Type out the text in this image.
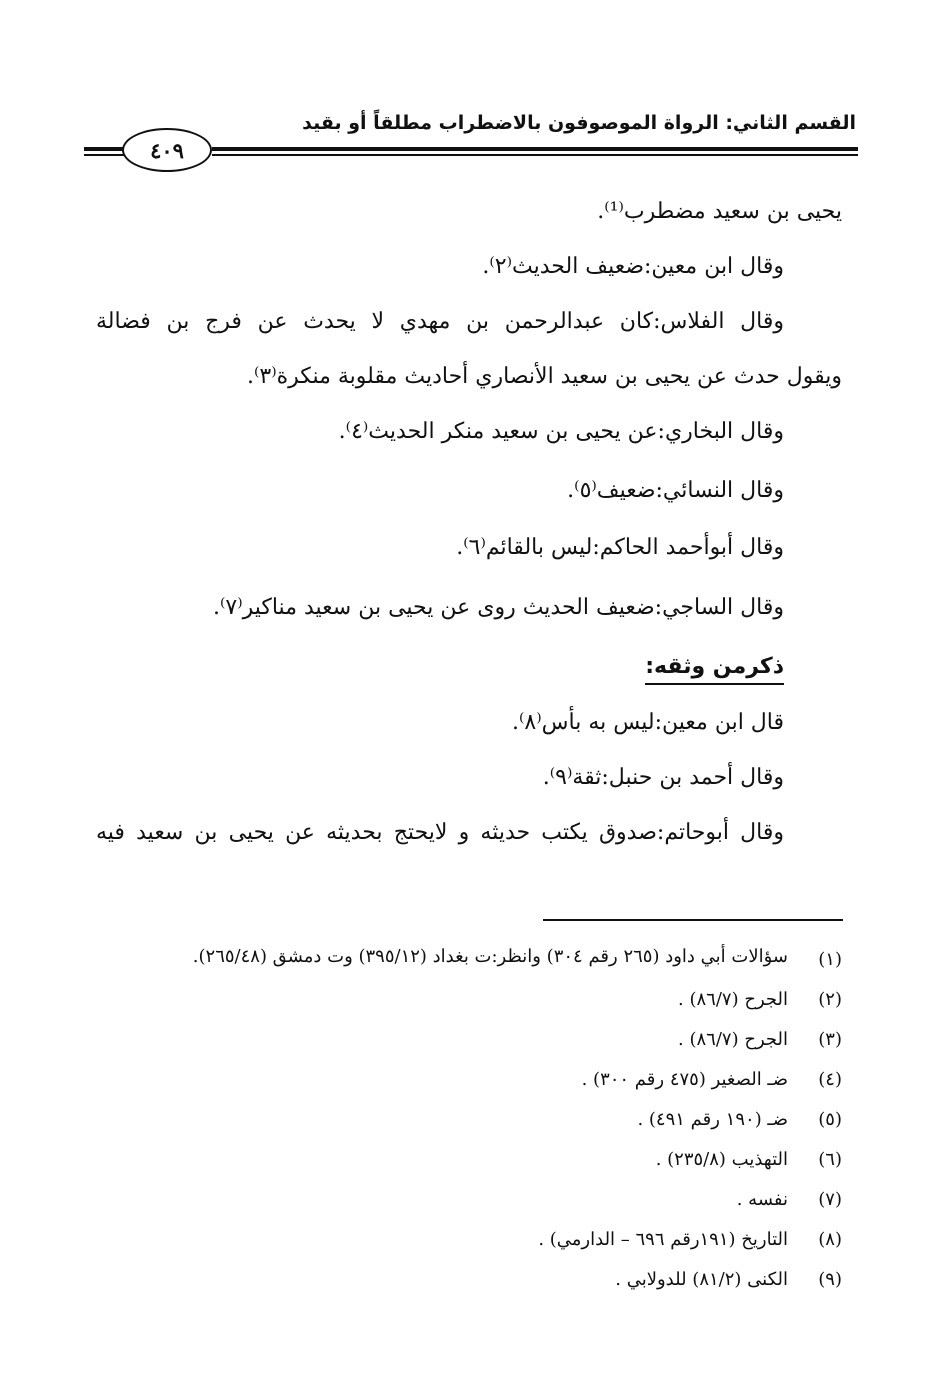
القسم الثاني: الرواة الموصوفون بالاضطراب مطلقاً أو بقيد
٤٠٩
يحيى بن سعيد مضطرب⁽¹⁾.
وقال ابن معين:ضعيف الحديث⁽٢⁾.
وقال الفلاس:كان عبدالرحمن بن مهدي لا يحدث عن فرج بن فضالة
ويقول حدث عن يحيى بن سعيد الأنصاري أحاديث مقلوبة منكرة⁽٣⁾.
وقال البخاري:عن يحيى بن سعيد منكر الحديث⁽٤⁾.
وقال النسائي:ضعيف⁽٥⁾.
وقال أبوأحمد الحاكم:ليس بالقائم⁽٦⁾.
وقال الساجي:ضعيف الحديث روى عن يحيى بن سعيد مناكير⁽٧⁾.
ذكرمن وثقه:
قال ابن معين:ليس به بأس⁽٨⁾.
وقال أحمد بن حنبل:ثقة⁽٩⁾.
وقال أبوحاتم:صدوق يكتب حديثه و لايحتج بحديثه عن يحيى بن سعيد فيه
(١)
سؤالات أبي داود (٢٦٥ رقم ٣٠٤) وانظر:ت بغداد (٣٩٥/١٢) وت دمشق (٢٦٥/٤٨).
(٢)
الجرح (٨٦/٧) .
(٣)
الجرح (٨٦/٧) .
(٤)
ضـ الصغير (٤٧٥ رقم ٣٠٠) .
(٥)
ضـ (١٩٠ رقم ٤٩١) .
(٦)
التهذيب (٢٣٥/٨) .
(٧)
نفسه .
(٨)
التاريخ (١٩١رقم ٦٩٦ – الدارمي) .
(٩)
الكنى (٨١/٢) للدولابي .
